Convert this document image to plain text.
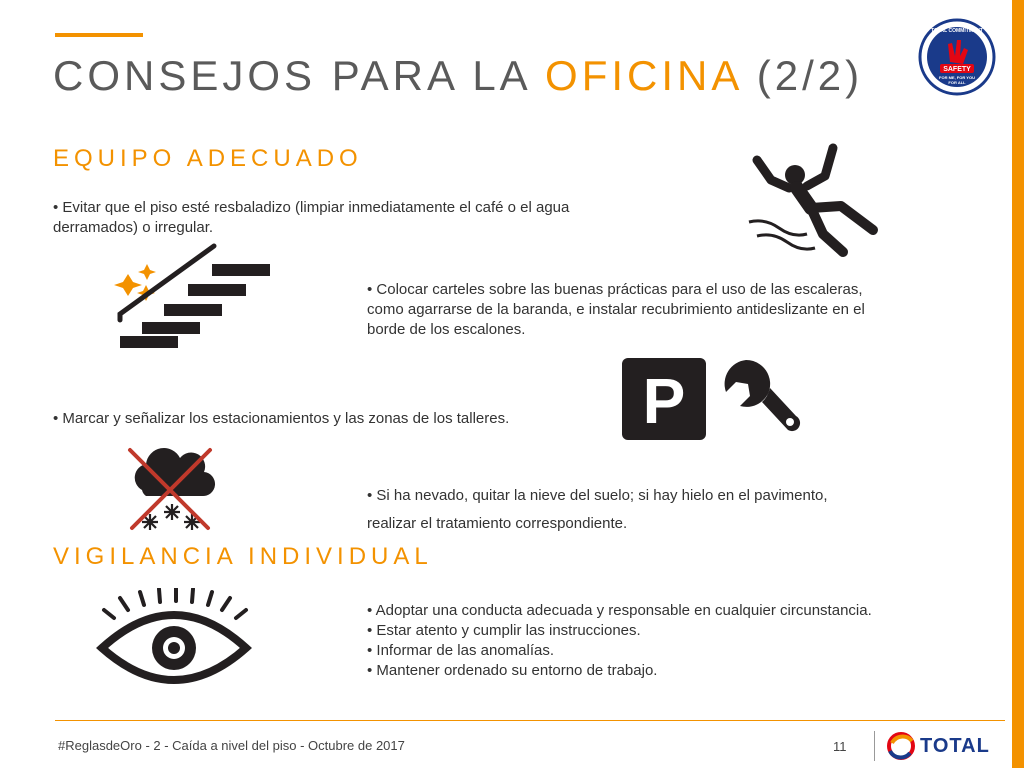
CONSEJOS PARA LA OFICINA (2/2)	SAFETY
TOTAL COMMITMENT
FOR ME, FOR YOU
FOR ALL
EQUIPO ADECUADO
• Evitar que el piso esté resbaladizo (limpiar inmediatamente el café o el agua derramados) o irregular.
• Colocar carteles sobre las buenas prácticas para el uso de las escaleras, como agarrarse de la baranda, e instalar recubrimiento antideslizante en el borde de los escalones.
P
• Marcar y señalizar los estacionamientos y las zonas de los talleres.
• Si ha nevado, quitar la nieve del suelo; si hay hielo en el pavimento,
realizar el tratamiento correspondiente.
VIGILANCIA INDIVIDUAL
• Adoptar una conducta adecuada y responsable en cualquier circunstancia.
• Estar atento y cumplir las instrucciones.
• Informar de las anomalías.
• Mantener ordenado su entorno de trabajo.
#ReglasdeOro - 2 - Caída a nivel del piso - Octubre de 2017	11	TOTAL
